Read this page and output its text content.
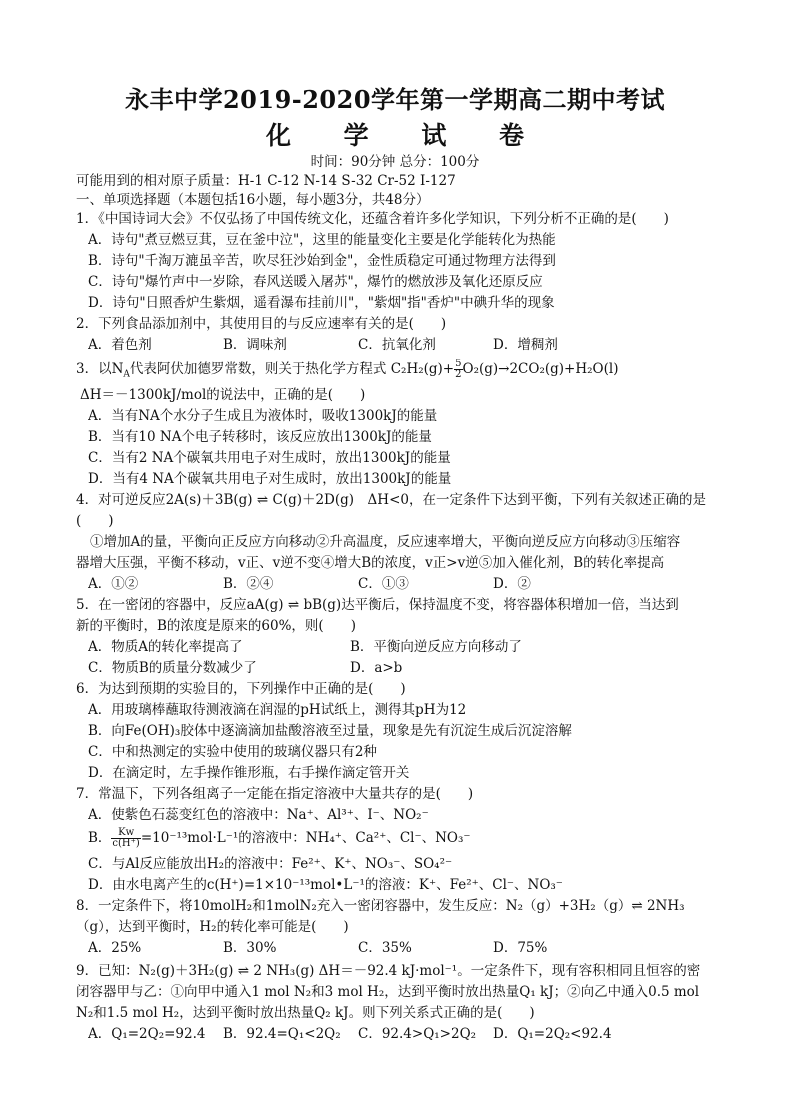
永丰中学2019-2020学年第一学期高二期中考试
化 学 试 卷
时间：90分钟 总分：100分
可能用到的相对原子质量：H-1 C-12 N-14 S-32 Cr-52 I-127
一、单项选择题（本题包括16小题，每小题3分，共48分）
1．《中国诗词大会》不仅弘扬了中国传统文化，还蕴含着许多化学知识，下列分析不正确的是(　　)
A．诗句"煮豆燃豆萁，豆在釜中泣"，这里的能量变化主要是化学能转化为热能
B．诗句"千淘万漉虽辛苦，吹尽狂沙始到金"，金性质稳定可通过物理方法得到
C．诗句"爆竹声中一岁除，春风送暖入屠苏"，爆竹的燃放涉及氧化还原反应
D．诗句"日照香炉生紫烟，遥看瀑布挂前川"，"紫烟"指"香炉"中碘升华的现象
2．下列食品添加剂中，其使用目的与反应速率有关的是(　　)
A．着色剂	B．调味剂	C．抗氧化剂	D．增稠剂
3．以$N_A$代表阿伏加德罗常数，则关于热化学方程式 $C_2H_2(g)+ \frac{5}{2} O_2(g)\to 2CO_2(g)+H_2O(l)$
ΔH＝－1300kJ/mol的说法中，正确的是(　　)
A．当有NA个水分子生成且为液体时，吸收1300kJ的能量
B．当有10 NA个电子转移时，该反应放出1300kJ的能量
C．当有2 NA个碳氧共用电子对生成时，放出1300kJ的能量
D．当有4 NA个碳氧共用电子对生成时，放出1300kJ的能量
4．对可逆反应2A(s)＋3B(g) ⇌ C(g)＋2D(g)　ΔH<0，在一定条件下达到平衡，下列有关叙述正确的是
(　　)
①增加A的量，平衡向正反应方向移动②升高温度，反应速率增大，平衡向逆反应方向移动③压缩容
器增大压强，平衡不移动，v正、v逆不变④增大B的浓度，v正>v逆⑤加入催化剂，B的转化率提高
A．①②	B．②④	C．①③	D．②
5．在一密闭的容器中，反应aA(g) ⇌ bB(g)达平衡后，保持温度不变，将容器体积增加一倍，当达到
新的平衡时，B的浓度是原来的60%，则(　　)
A．物质A的转化率提高了	B．平衡向逆反应方向移动了
C．物质B的质量分数减少了	D．a>b
6．为达到预期的实验目的，下列操作中正确的是(　　)
A．用玻璃棒蘸取待测液滴在润湿的pH试纸上，测得其pH为12
B．向Fe(OH)₃胶体中逐滴滴加盐酸溶液至过量，现象是先有沉淀生成后沉淀溶解
C．中和热测定的实验中使用的玻璃仪器只有2种
D．在滴定时，左手操作锥形瓶，右手操作滴定管开关
7．常温下，下列各组离子一定能在指定溶液中大量共存的是(　　)
A．使紫色石蕊变红色的溶液中：Na⁺、Al³⁺、I⁻、NO₂⁻
B． $\frac{Kw}{c(H^+)} =10^{-13}mol\cdot L^{-1}$的溶液中：NH₄⁺、Ca²⁺、Cl⁻、NO₃⁻
C．与Al反应能放出H₂的溶液中：Fe²⁺、K⁺、NO₃⁻、SO₄²⁻
D．由水电离产生的c(H⁺)=1×10⁻¹³mol•L⁻¹的溶液：K⁺、Fe²⁺、Cl⁻、NO₃⁻
8．一定条件下，将10molH₂和1molN₂充入一密闭容器中，发生反应：N₂（g）+3H₂（g）⇌ 2NH₃
（g），达到平衡时，H₂的转化率可能是(　　)
A．25%	B．30%	C．35%	D．75%
9．已知：N₂(g)＋3H₂(g) ⇌ 2 NH₃(g) ΔH＝－92.4 kJ·mol⁻¹。一定条件下，现有容积相同且恒容的密
闭容器甲与乙：①向甲中通入1 mol N₂和3 mol H₂，达到平衡时放出热量Q₁ kJ；②向乙中通入0.5 mol
N₂和1.5 mol H₂，达到平衡时放出热量Q₂ kJ。则下列关系式正确的是(　　)
A．Q₁=2Q₂=92.4 B．92.4=Q₁<2Q₂ C．92.4>Q₁>2Q₂ D．Q₁=2Q₂<92.4
